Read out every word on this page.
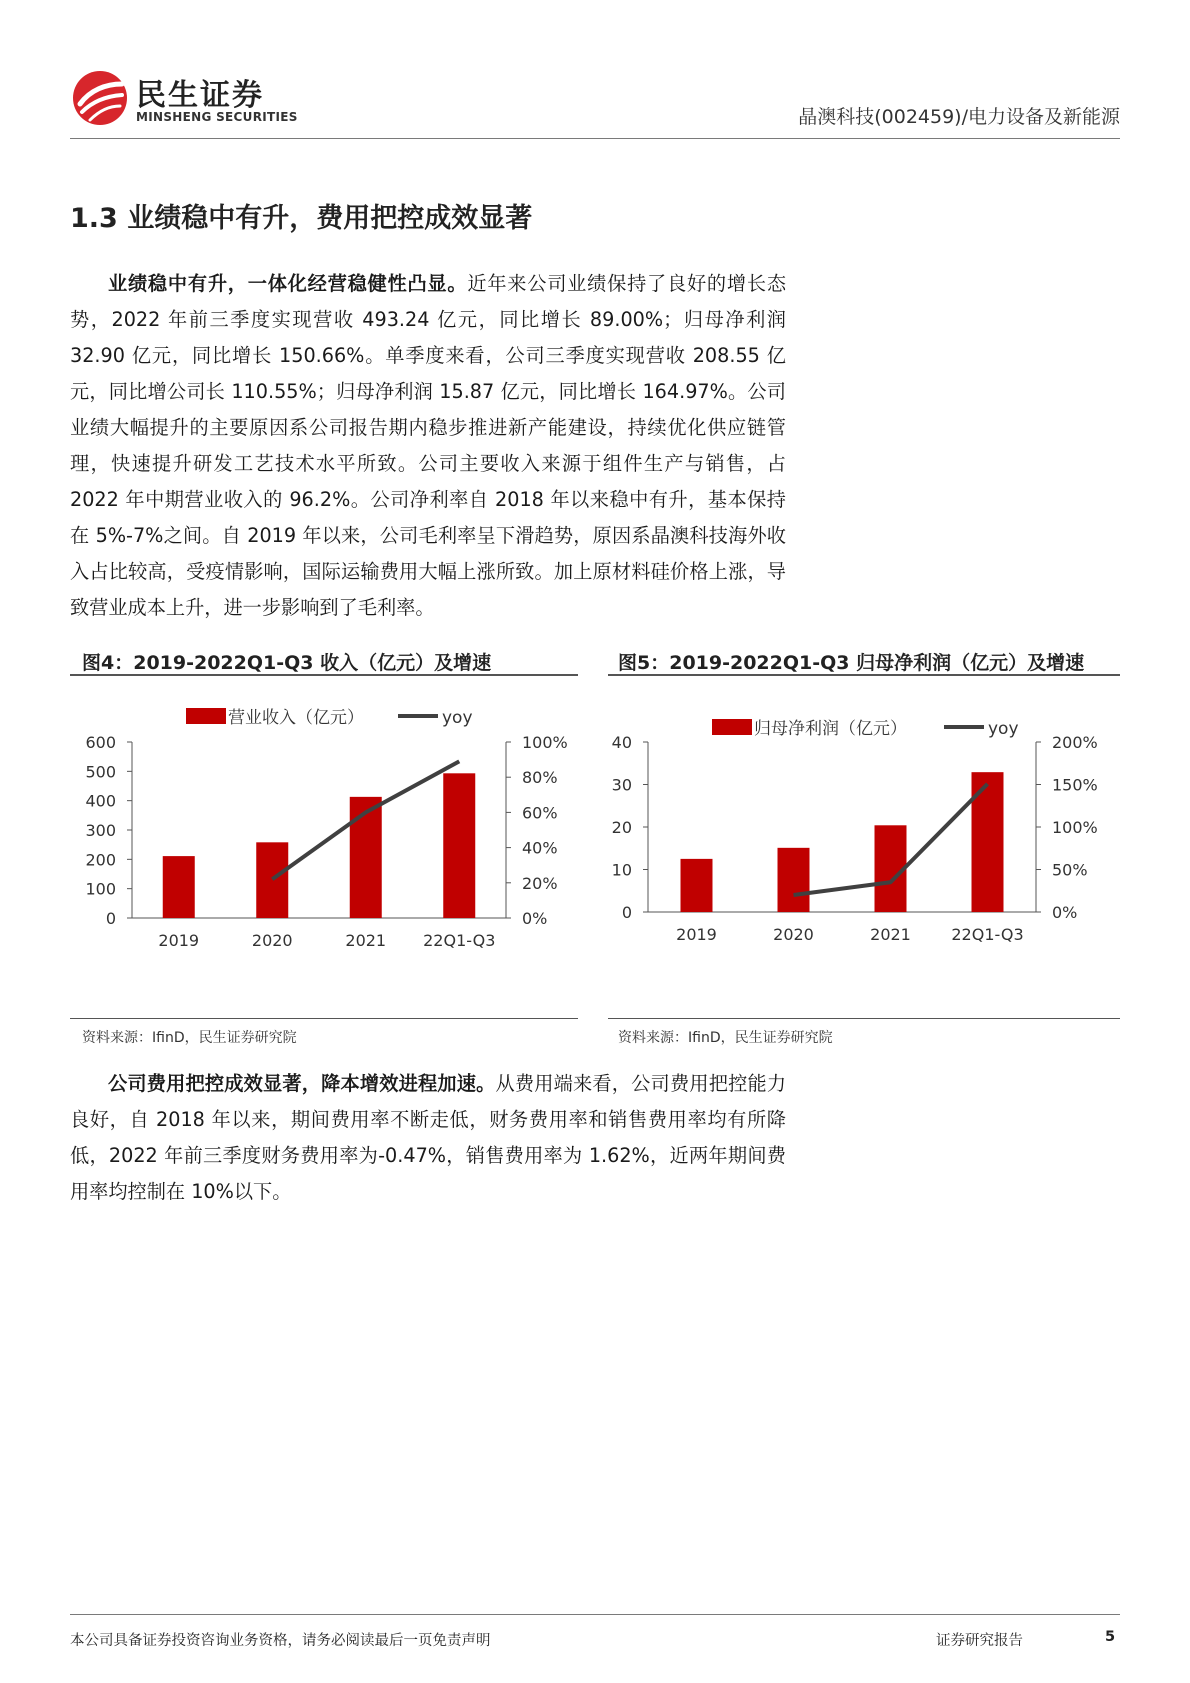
民生证券
MINSHENG SECURITIES	晶澳科技(002459)/电力设备及新能源
1.3 业绩稳中有升，费用把控成效显著
业绩稳中有升，一体化经营稳健性凸显。近年来公司业绩保持了良好的增长态势，2022 年前三季度实现营收 493.24 亿元，同比增长 89.00%；归母净利润 32.90 亿元，同比增长 150.66%。单季度来看，公司三季度实现营收 208.55 亿元，同比增公司长 110.55%；归母净利润 15.87 亿元，同比增长 164.97%。公司业绩大幅提升的主要原因系公司报告期内稳步推进新产能建设，持续优化供应链管理，快速提升研发工艺技术水平所致。公司主要收入来源于组件生产与销售，占 2022 年中期营业收入的 96.2%。公司净利率自 2018 年以来稳中有升，基本保持在 5%-7%之间。自 2019 年以来，公司毛利率呈下滑趋势，原因系晶澳科技海外收入占比较高，受疫情影响，国际运输费用大幅上涨所致。加上原材料硅价格上涨，导致营业成本上升，进一步影响到了毛利率。
图4：2019-2022Q1-Q3 收入（亿元）及增速	图5：2019-2022Q1-Q3 归母净利润（亿元）及增速
0
100
200
300
400
500
600
0%
20%
40%
60%
80%
100%
2019	2020	2021 22Q1-Q3
营业收入（亿元）	yoy
0
10
20
30
40
0%
50%
100%
150%
200%
2019	2020	2021	22Q1-Q3
归母净利润（亿元）	yoy
资料来源：IfinD，民生证券研究院	资料来源：IfinD，民生证券研究院
公司费用把控成效显著，降本增效进程加速。从费用端来看，公司费用把控能力良好，自 2018 年以来，期间费用率不断走低，财务费用率和销售费用率均有所降低，2022 年前三季度财务费用率为-0.47%，销售费用率为 1.62%，近两年期间费用率均控制在 10%以下。
本公司具备证券投资咨询业务资格，请务必阅读最后一页免责声明	证券研究报告	5
